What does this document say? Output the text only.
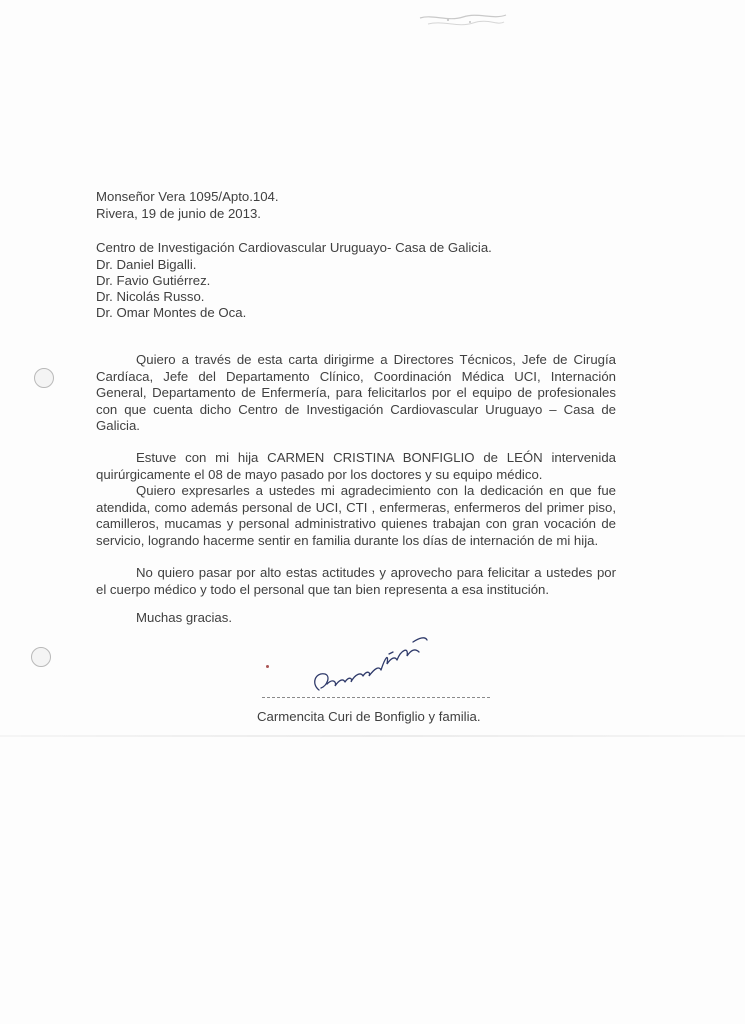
Monseñor Vera 1095/Apto.104.
Rivera, 19 de junio de 2013.
Centro de Investigación Cardiovascular Uruguayo- Casa de Galicia.
Dr. Daniel Bigalli.
Dr. Favio Gutiérrez.
Dr. Nicolás Russo.
Dr. Omar Montes de Oca.
Quiero a través de esta carta dirigirme a Directores Técnicos, Jefe de Cirugía Cardíaca, Jefe del Departamento Clínico, Coordinación Médica UCI, Internación General, Departamento de Enfermería, para felicitarlos por el equipo de profesionales con que cuenta dicho Centro de Investigación Cardiovascular Uruguayo – Casa de Galicia.
Estuve con mi hija CARMEN CRISTINA BONFIGLIO de LEÓN intervenida quirúrgicamente el 08 de mayo pasado por los doctores y su equipo médico.
Quiero expresarles a ustedes mi agradecimiento con la dedicación en que fue atendida, como además personal de UCI, CTI , enfermeras, enfermeros del primer piso, camilleros, mucamas y personal administrativo quienes trabajan con gran vocación de servicio, logrando hacerme sentir en familia durante los días de internación de mi hija.
No quiero pasar por alto estas actitudes y aprovecho para felicitar a ustedes por el cuerpo médico y todo el personal que tan bien representa a esa institución.
Muchas gracias.
Carmencita Curi de Bonfiglio y familia.
